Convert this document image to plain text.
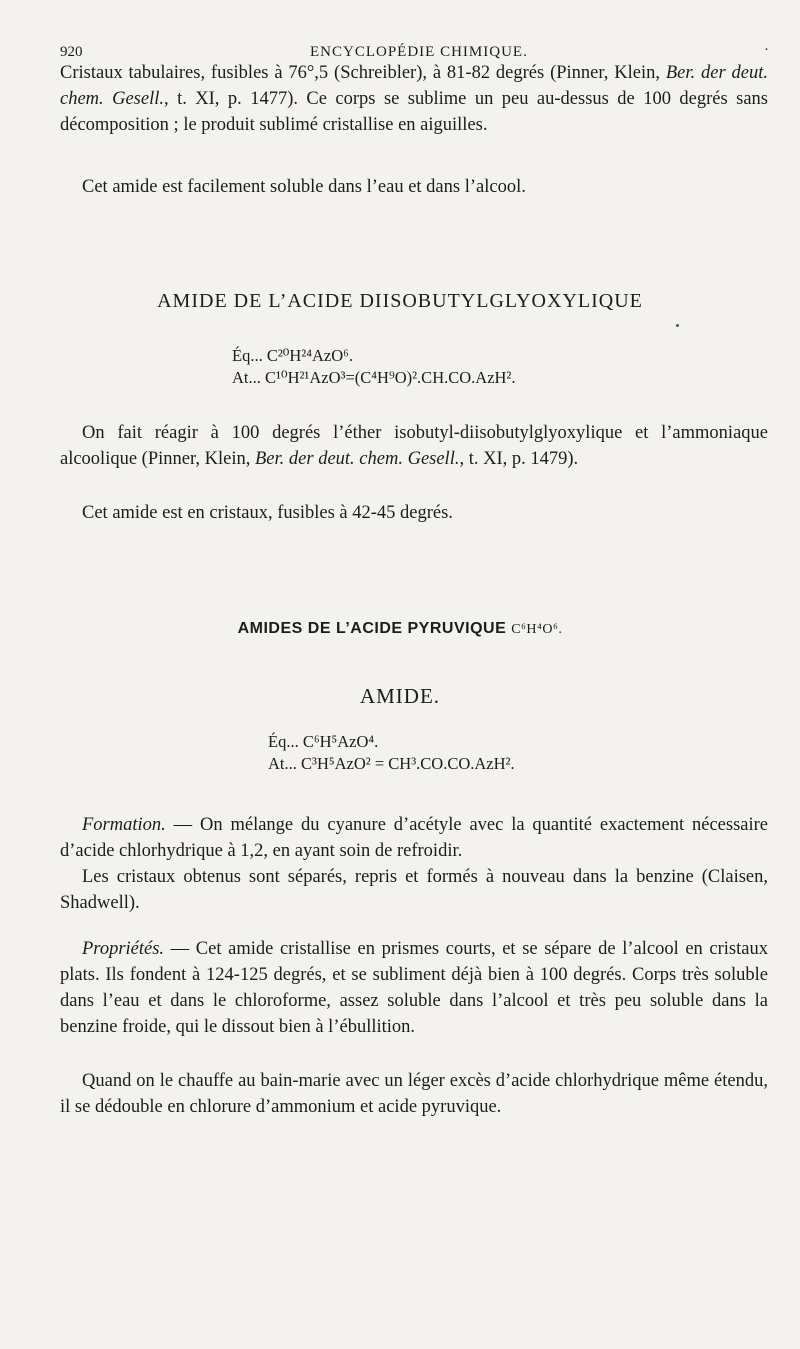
920	ENCYCLOPÉDIE CHIMIQUE.	·

Cristaux tabulaires, fusibles à 76°,5 (Schreibler), à 81-82 degrés (Pinner, Klein, Ber. der deut. chem. Gesell., t. XI, p. 1477). Ce corps se sublime un peu au-dessus de 100 degrés sans décomposition ; le produit sublimé cristallise en aiguilles.

Cet amide est facilement soluble dans l’eau et dans l’alcool.

AMIDE DE L’ACIDE DIISOBUTYLGLYOXYLIQUE
Éq... C²⁰H²⁴AzO⁶.
At... C¹⁰H²¹AzO³=(C⁴H⁹O)².CH.CO.AzH².

On fait réagir à 100 degrés l’éther isobutyl-diisobutylglyoxylique et l’ammoniaque alcoolique (Pinner, Klein, Ber. der deut. chem. Gesell., t. XI, p. 1479).

Cet amide est en cristaux, fusibles à 42-45 degrés.

AMIDES DE L’ACIDE PYRUVIQUE C⁶H⁴O⁶.
AMIDE.
Éq... C⁶H⁵AzO⁴.
At... C³H⁵AzO² = CH³.CO.CO.AzH².

Formation. — On mélange du cyanure d’acétyle avec la quantité exactement nécessaire d’acide chlorhydrique à 1,2, en ayant soin de refroidir.

Les cristaux obtenus sont séparés, repris et formés à nouveau dans la benzine (Claisen, Shadwell).

Propriétés. — Cet amide cristallise en prismes courts, et se sépare de l’alcool en cristaux plats. Ils fondent à 124-125 degrés, et se subliment déjà bien à 100 degrés. Corps très soluble dans l’eau et dans le chloroforme, assez soluble dans l’alcool et très peu soluble dans la benzine froide, qui le dissout bien à l’ébullition.

Quand on le chauffe au bain-marie avec un léger excès d’acide chlorhydrique même étendu, il se dédouble en chlorure d’ammonium et acide pyruvique.
